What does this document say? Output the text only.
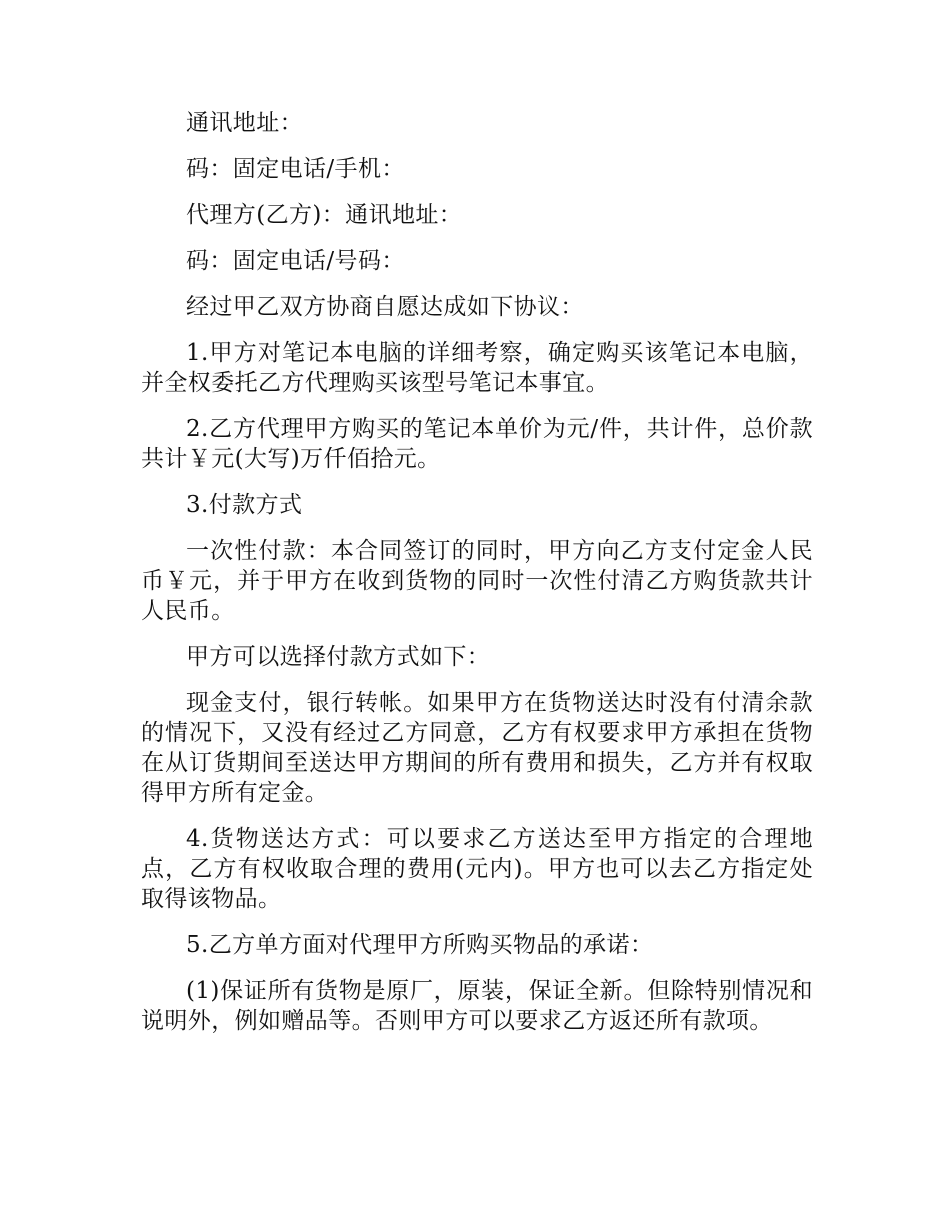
通讯地址：

码：固定电话/手机：

代理方(乙方)：通讯地址：

码：固定电话/号码：

经过甲乙双方协商自愿达成如下协议：

1.甲方对笔记本电脑的详细考察，确定购买该笔记本电脑，并全权委托乙方代理购买该型号笔记本事宜。

2.乙方代理甲方购买的笔记本单价为元/件，共计件，总价款共计￥元(大写)万仟佰拾元。

3.付款方式

一次性付款：本合同签订的同时，甲方向乙方支付定金人民币￥元，并于甲方在收到货物的同时一次性付清乙方购货款共计人民币。

甲方可以选择付款方式如下：

现金支付，银行转帐。如果甲方在货物送达时没有付清余款的情况下，又没有经过乙方同意，乙方有权要求甲方承担在货物在从订货期间至送达甲方期间的所有费用和损失，乙方并有权取得甲方所有定金。

4.货物送达方式：可以要求乙方送达至甲方指定的合理地点，乙方有权收取合理的费用(元内)。甲方也可以去乙方指定处取得该物品。

5.乙方单方面对代理甲方所购买物品的承诺：

(1)保证所有货物是原厂，原装，保证全新。但除特别情况和说明外，例如赠品等。否则甲方可以要求乙方返还所有款项。
